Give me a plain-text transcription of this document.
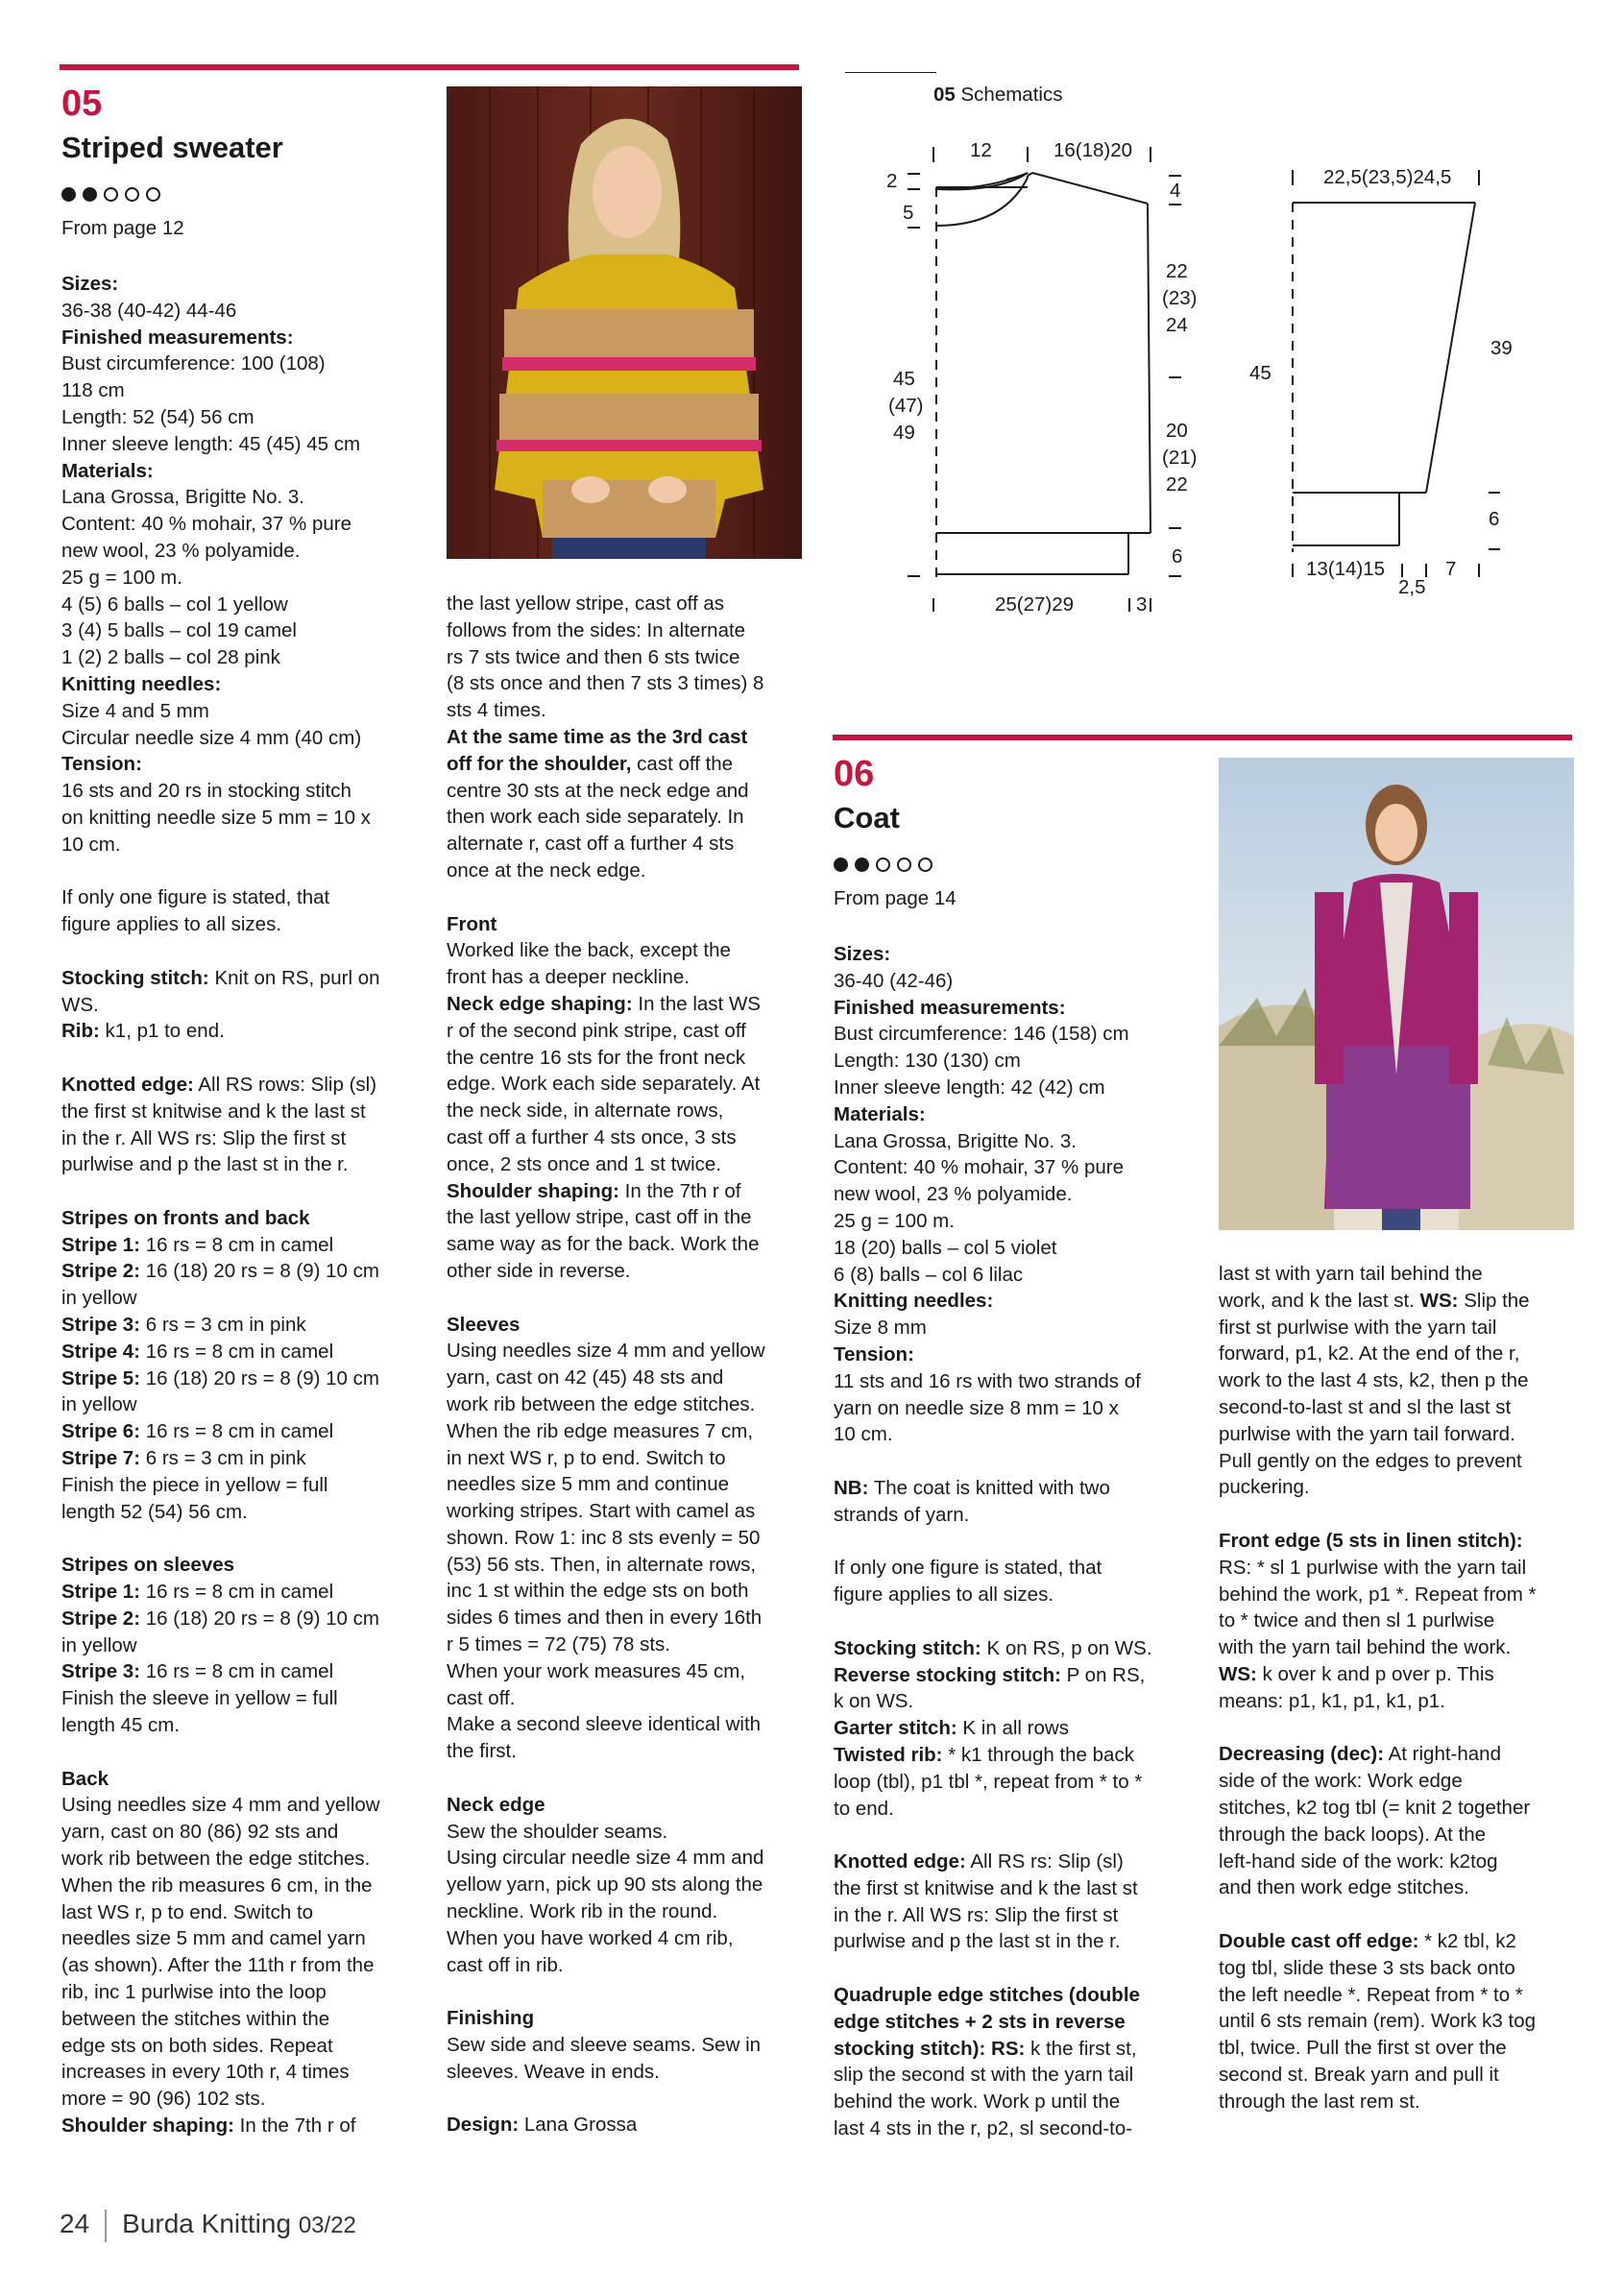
05
Striped sweater

From page 12

Sizes:

36-38 (40-42) 44-46

Finished measurements:

Bust circumference: 100 (108)

118 cm

Length: 52 (54) 56 cm

Inner sleeve length: 45 (45) 45 cm

Materials:

Lana Grossa, Brigitte No. 3.

Content: 40 % mohair, 37 % pure

new wool, 23 % polyamide.

25 g = 100 m.

4 (5) 6 balls – col 1 yellow

3 (4) 5 balls – col 19 camel

1 (2) 2 balls – col 28 pink

Knitting needles:

Size 4 and 5 mm

Circular needle size 4 mm (40 cm)

Tension:

16 sts and 20 rs in stocking stitch

on knitting needle size 5 mm = 10 x

10 cm.

If only one figure is stated, that

figure applies to all sizes.

Stocking stitch: Knit on RS, purl on

WS.

Rib: k1, p1 to end.

Knotted edge: All RS rows: Slip (sl)

the first st knitwise and k the last st

in the r. All WS rs: Slip the first st

purlwise and p the last st in the r.

Stripes on fronts and back

Stripe 1: 16 rs = 8 cm in camel

Stripe 2: 16 (18) 20 rs = 8 (9) 10 cm

in yellow

Stripe 3: 6 rs = 3 cm in pink

Stripe 4: 16 rs = 8 cm in camel

Stripe 5: 16 (18) 20 rs = 8 (9) 10 cm

in yellow

Stripe 6: 16 rs = 8 cm in camel

Stripe 7: 6 rs = 3 cm in pink

Finish the piece in yellow = full

length 52 (54) 56 cm.

Stripes on sleeves

Stripe 1: 16 rs = 8 cm in camel

Stripe 2: 16 (18) 20 rs = 8 (9) 10 cm

in yellow

Stripe 3: 16 rs = 8 cm in camel

Finish the sleeve in yellow = full

length 45 cm.

Back

Using needles size 4 mm and yellow

yarn, cast on 80 (86) 92 sts and

work rib between the edge stitches.

When the rib measures 6 cm, in the

last WS r, p to end. Switch to

needles size 5 mm and camel yarn

(as shown). After the 11th r from the

rib, inc 1 purlwise into the loop

between the stitches within the

edge sts on both sides. Repeat

increases in every 10th r, 4 times

more = 90 (96) 102 sts.

Shoulder shaping: In the 7th r of

the last yellow stripe, cast off as

follows from the sides: In alternate

rs 7 sts twice and then 6 sts twice

(8 sts once and then 7 sts 3 times) 8

sts 4 times.

At the same time as the 3rd cast

off for the shoulder, cast off the

centre 30 sts at the neck edge and

then work each side separately. In

alternate r, cast off a further 4 sts

once at the neck edge.

Front

Worked like the back, except the

front has a deeper neckline.

Neck edge shaping: In the last WS

r of the second pink stripe, cast off

the centre 16 sts for the front neck

edge. Work each side separately. At

the neck side, in alternate rows,

cast off a further 4 sts once, 3 sts

once, 2 sts once and 1 st twice.

Shoulder shaping: In the 7th r of

the last yellow stripe, cast off in the

same way as for the back. Work the

other side in reverse.

Sleeves

Using needles size 4 mm and yellow

yarn, cast on 42 (45) 48 sts and

work rib between the edge stitches.

When the rib edge measures 7 cm,

in next WS r, p to end. Switch to

needles size 5 mm and continue

working stripes. Start with camel as

shown. Row 1: inc 8 sts evenly = 50

(53) 56 sts. Then, in alternate rows,

inc 1 st within the edge sts on both

sides 6 times and then in every 16th

r 5 times = 72 (75) 78 sts.

When your work measures 45 cm,

cast off.

Make a second sleeve identical with

the first.

Neck edge

Sew the shoulder seams.

Using circular needle size 4 mm and

yellow yarn, pick up 90 sts along the

neckline. Work rib in the round.

When you have worked 4 cm rib,

cast off in rib.

Finishing

Sew side and sleeve seams. Sew in

sleeves. Weave in ends.

Design: Lana Grossa

05 Schematics
12	16(18)20
2
5
4
22
(23)
24
45
(47)
49	20
(21)
22
6
25(27)29	3
22,5(23,5)24,5
45
39
6
13(14)15
2,5
7
06
Coat

From page 14

Sizes:

36-40 (42-46)

Finished measurements:

Bust circumference: 146 (158) cm

Length: 130 (130) cm

Inner sleeve length: 42 (42) cm

Materials:

Lana Grossa, Brigitte No. 3.

Content: 40 % mohair, 37 % pure

new wool, 23 % polyamide.

25 g = 100 m.

18 (20) balls – col 5 violet

6 (8) balls – col 6 lilac

Knitting needles:

Size 8 mm

Tension:

11 sts and 16 rs with two strands of

yarn on needle size 8 mm = 10 x

10 cm.

NB: The coat is knitted with two

strands of yarn.

If only one figure is stated, that

figure applies to all sizes.

Stocking stitch: K on RS, p on WS.

Reverse stocking stitch: P on RS,

k on WS.

Garter stitch: K in all rows

Twisted rib: * k1 through the back

loop (tbl), p1 tbl *, repeat from * to *

to end.

Knotted edge: All RS rs: Slip (sl)

the first st knitwise and k the last st

in the r. All WS rs: Slip the first st

purlwise and p the last st in the r.

Quadruple edge stitches (double

edge stitches + 2 sts in reverse

stocking stitch): RS: k the first st,

slip the second st with the yarn tail

behind the work. Work p until the

last 4 sts in the r, p2, sl second-to-

last st with yarn tail behind the

work, and k the last st. WS: Slip the

first st purlwise with the yarn tail

forward, p1, k2. At the end of the r,

work to the last 4 sts, k2, then p the

second-to-last st and sl the last st

purlwise with the yarn tail forward.

Pull gently on the edges to prevent

puckering.

Front edge (5 sts in linen stitch):

RS: * sl 1 purlwise with the yarn tail

behind the work, p1 *. Repeat from *

to * twice and then sl 1 purlwise

with the yarn tail behind the work.

WS: k over k and p over p. This

means: p1, k1, p1, k1, p1.

Decreasing (dec): At right-hand

side of the work: Work edge

stitches, k2 tog tbl (= knit 2 together

through the back loops). At the

left-hand side of the work: k2tog

and then work edge stitches.

Double cast off edge: * k2 tbl, k2

tog tbl, slide these 3 sts back onto

the left needle *. Repeat from * to *

until 6 sts remain (rem). Work k3 tog

tbl, twice. Pull the first st over the

second st. Break yarn and pull it

through the last rem st.

24 Burda Knitting 03/22
